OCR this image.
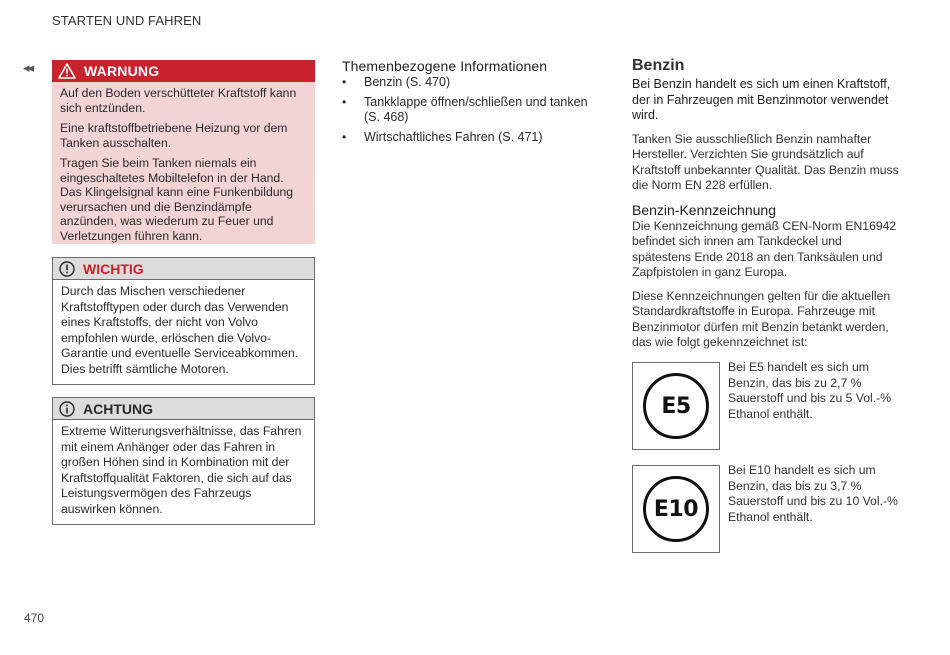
STARTEN UND FAHREN
◂◂	WARNUNG

Auf den Boden verschütteter Kraftstoff kann sich entzünden.

Eine kraftstoffbetriebene Heizung vor dem Tanken ausschalten.

Tragen Sie beim Tanken niemals ein eingeschaltetes Mobiltelefon in der Hand. Das Klingelsignal kann eine Funkenbildung verursachen und die Benzindämpfe anzünden, was wiederum zu Feuer und Verletzungen führen kann.

WICHTIG
Durch das Mischen verschiedener Kraftstofftypen oder durch das Verwenden eines Kraftstoffs, der nicht von Volvo empfohlen wurde, erlöschen die Volvo-Garantie und eventuelle Serviceabkommen. Dies betrifft sämtliche Motoren.
ACHTUNG
Extreme Witterungsverhältnisse, das Fahren mit einem Anhänger oder das Fahren in großen Höhen sind in Kombination mit der Kraftstoffqualität Faktoren, die sich auf das Leistungsvermögen des Fahrzeugs auswirken können.
Themenbezogene Informationen
• Benzin (S. 470)
• Tankklappe öffnen/schließen und tanken (S. 468)
• Wirtschaftliches Fahren (S. 471)
Benzin

Bei Benzin handelt es sich um einen Kraftstoff, der in Fahrzeugen mit Benzinmotor verwendet wird.

Tanken Sie ausschließlich Benzin namhafter Hersteller. Verzichten Sie grundsätzlich auf Kraftstoff unbekannter Qualität. Das Benzin muss die Norm EN 228 erfüllen.

Benzin-Kennzeichnung

Die Kennzeichnung gemäß CEN-Norm EN16942 befindet sich innen am Tankdeckel und spätestens Ende 2018 an den Tanksäulen und Zapfpistolen in ganz Europa.

Diese Kennzeichnungen gelten für die aktuellen Standardkraftstoffe in Europa. Fahrzeuge mit Benzinmotor dürfen mit Benzin betankt werden, das wie folgt gekennzeichnet ist:

E5
Bei E5 handelt es sich um Benzin, das bis zu 2,7 % Sauerstoff und bis zu 5 Vol.-% Ethanol enthält.
E10
Bei E10 handelt es sich um Benzin, das bis zu 3,7 % Sauerstoff und bis zu 10 Vol.-% Ethanol enthält.
470
